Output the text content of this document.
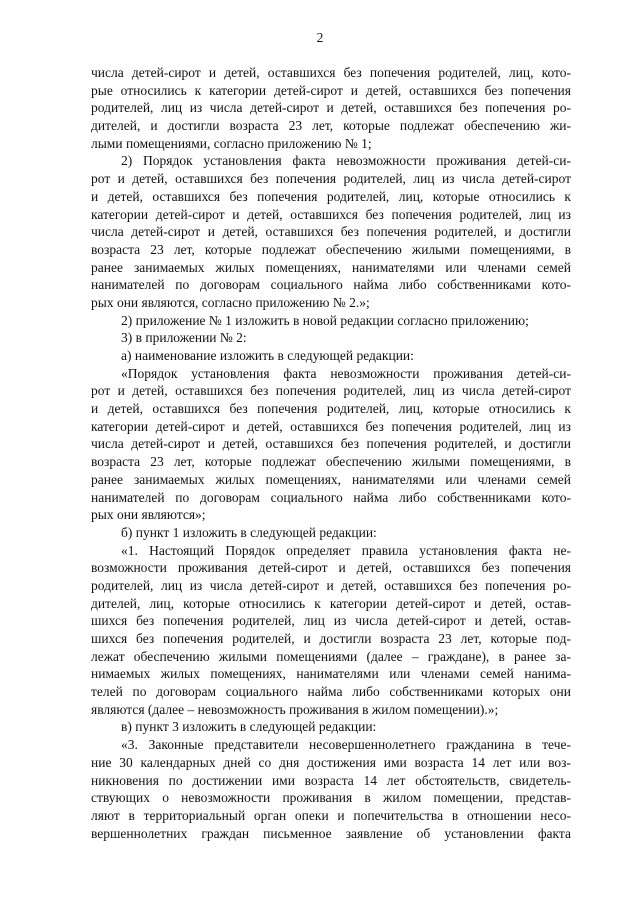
2
числа детей-сирот и детей, оставшихся без попечения родителей, лиц, кото-
рые относились к категории детей-сирот и детей, оставшихся без попечения
родителей, лиц из числа детей-сирот и детей, оставшихся без попечения ро-
дителей, и достигли возраста 23 лет, которые подлежат обеспечению жи-
лыми помещениями, согласно приложению № 1;
2) Порядок установления факта невозможности проживания детей-си-
рот и детей, оставшихся без попечения родителей, лиц из числа детей-сирот
и детей, оставшихся без попечения родителей, лиц, которые относились к
категории детей-сирот и детей, оставшихся без попечения родителей, лиц из
числа детей-сирот и детей, оставшихся без попечения родителей, и достигли
возраста 23 лет, которые подлежат обеспечению жилыми помещениями, в
ранее занимаемых жилых помещениях, нанимателями или членами семей
нанимателей по договорам социального найма либо собственниками кото-
рых они являются, согласно приложению № 2.»;
2) приложение № 1 изложить в новой редакции согласно приложению;
3) в приложении № 2:
а) наименование изложить в следующей редакции:
«Порядок установления факта невозможности проживания детей-си-
рот и детей, оставшихся без попечения родителей, лиц из числа детей-сирот
и детей, оставшихся без попечения родителей, лиц, которые относились к
категории детей-сирот и детей, оставшихся без попечения родителей, лиц из
числа детей-сирот и детей, оставшихся без попечения родителей, и достигли
возраста 23 лет, которые подлежат обеспечению жилыми помещениями, в
ранее занимаемых жилых помещениях, нанимателями или членами семей
нанимателей по договорам социального найма либо собственниками кото-
рых они являются»;
б) пункт 1 изложить в следующей редакции:
«1. Настоящий Порядок определяет правила установления факта не-
возможности проживания детей-сирот и детей, оставшихся без попечения
родителей, лиц из числа детей-сирот и детей, оставшихся без попечения ро-
дителей, лиц, которые относились к категории детей-сирот и детей, остав-
шихся без попечения родителей, лиц из числа детей-сирот и детей, остав-
шихся без попечения родителей, и достигли возраста 23 лет, которые под-
лежат обеспечению жилыми помещениями (далее – граждане), в ранее за-
нимаемых жилых помещениях, нанимателями или членами семей нанима-
телей по договорам социального найма либо собственниками которых они
являются (далее – невозможность проживания в жилом помещении).»;
в) пункт 3 изложить в следующей редакции:
«3. Законные представители несовершеннолетнего гражданина в тече-
ние 30 календарных дней со дня достижения ими возраста 14 лет или воз-
никновения по достижении ими возраста 14 лет обстоятельств, свидетель-
ствующих о невозможности проживания в жилом помещении, представ-
ляют в территориальный орган опеки и попечительства в отношении несо-
вершеннолетних граждан письменное заявление об установлении факта
